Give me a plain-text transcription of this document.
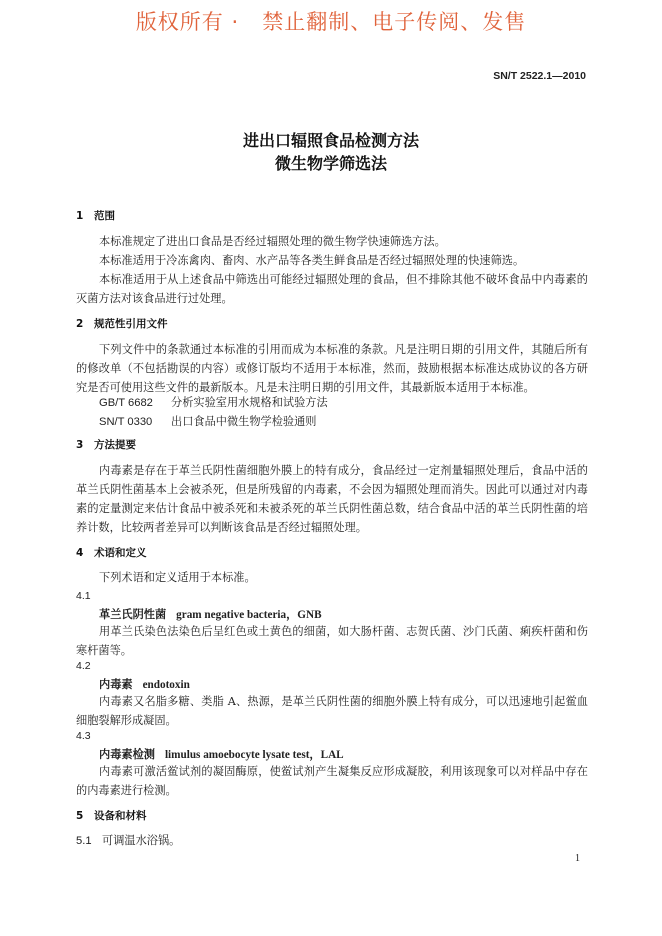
版权所有 ·   禁止翻制、电子传阅、发售
SN/T 2522.1—2010
进出口辐照食品检测方法
微生物学筛选法
1 范围
本标准规定了进出口食品是否经过辐照处理的微生物学快速筛选方法。
本标准适用于冷冻禽肉、畜肉、水产品等各类生鲜食品是否经过辐照处理的快速筛选。
本标准适用于从上述食品中筛选出可能经过辐照处理的食品，但不排除其他不破坏食品中内毒素的灭菌方法对该食品进行过处理。
2 规范性引用文件
下列文件中的条款通过本标准的引用而成为本标准的条款。凡是注明日期的引用文件，其随后所有的修改单（不包括勘误的内容）或修订版均不适用于本标准，然而，鼓励根据本标准达成协议的各方研究是否可使用这些文件的最新版本。凡是未注明日期的引用文件，其最新版本适用于本标准。
GB/T 6682 分析实验室用水规格和试验方法
SN/T 0330 出口食品中微生物学检验通则
3 方法提要
内毒素是存在于革兰氏阴性菌细胞外膜上的特有成分，食品经过一定剂量辐照处理后，食品中活的革兰氏阴性菌基本上会被杀死，但是所残留的内毒素，不会因为辐照处理而消失。因此可以通过对内毒素的定量测定来估计食品中被杀死和未被杀死的革兰氏阴性菌总数，结合食品中活的革兰氏阴性菌的培养计数，比较两者差异可以判断该食品是否经过辐照处理。
4 术语和定义
下列术语和定义适用于本标准。
4.1
革兰氏阴性菌 gram negative bacteria，GNB
用革兰氏染色法染色后呈红色或土黄色的细菌，如大肠杆菌、志贺氏菌、沙门氏菌、痢疾杆菌和伤寒杆菌等。
4.2
内毒素 endotoxin
内毒素又名脂多糖、类脂 A、热源，是革兰氏阴性菌的细胞外膜上特有成分，可以迅速地引起鲎血细胞裂解形成凝固。
4.3
内毒素检测 limulus amoebocyte lysate test，LAL
内毒素可激活鲎试剂的凝固酶原，使鲎试剂产生凝集反应形成凝胶，利用该现象可以对样品中存在的内毒素进行检测。
5 设备和材料
5.1 可调温水浴锅。
1
